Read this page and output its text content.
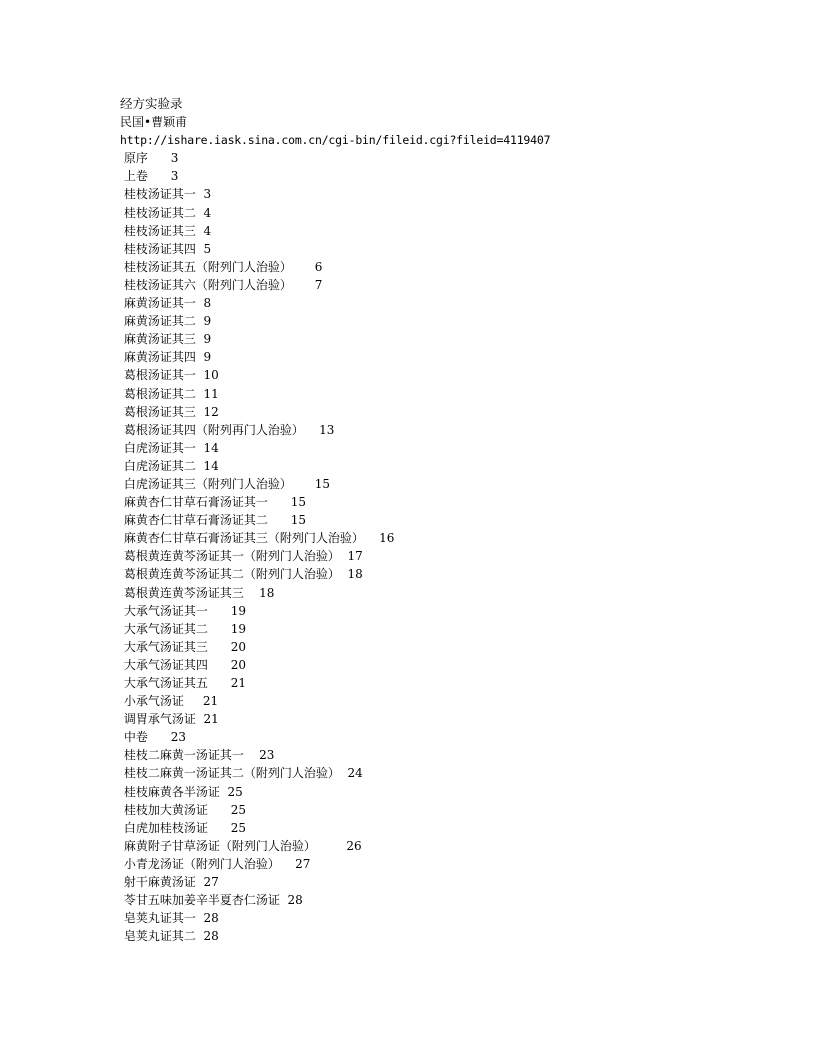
经方实验录
民国•曹颖甫
http://ishare.iask.sina.com.cn/cgi-bin/fileid.cgi?fileid=4119407
原序 3
上卷 3
桂枝汤证其一 3
桂枝汤证其二 4
桂枝汤证其三 4
桂枝汤证其四 5
桂枝汤证其五（附列门人治验） 6
桂枝汤证其六（附列门人治验） 7
麻黄汤证其一 8
麻黄汤证其二 9
麻黄汤证其三 9
麻黄汤证其四 9
葛根汤证其一 10
葛根汤证其二 11
葛根汤证其三 12
葛根汤证其四（附列再门人治验） 13
白虎汤证其一 14
白虎汤证其二 14
白虎汤证其三（附列门人治验） 15
麻黄杏仁甘草石膏汤证其一 15
麻黄杏仁甘草石膏汤证其二 15
麻黄杏仁甘草石膏汤证其三（附列门人治验） 16
葛根黄连黄芩汤证其一（附列门人治验） 17
葛根黄连黄芩汤证其二（附列门人治验） 18
葛根黄连黄芩汤证其三 18
大承气汤证其一 19
大承气汤证其二 19
大承气汤证其三 20
大承气汤证其四 20
大承气汤证其五 21
小承气汤证 21
调胃承气汤证 21
中卷 23
桂枝二麻黄一汤证其一 23
桂枝二麻黄一汤证其二（附列门人治验） 24
桂枝麻黄各半汤证 25
桂枝加大黄汤证 25
白虎加桂枝汤证 25
麻黄附子甘草汤证（附列门人治验）	26
小青龙汤证（附列门人治验） 27
射干麻黄汤证 27
苓甘五味加姜辛半夏杏仁汤证 28
皂荚丸证其一 28
皂荚丸证其二 28
